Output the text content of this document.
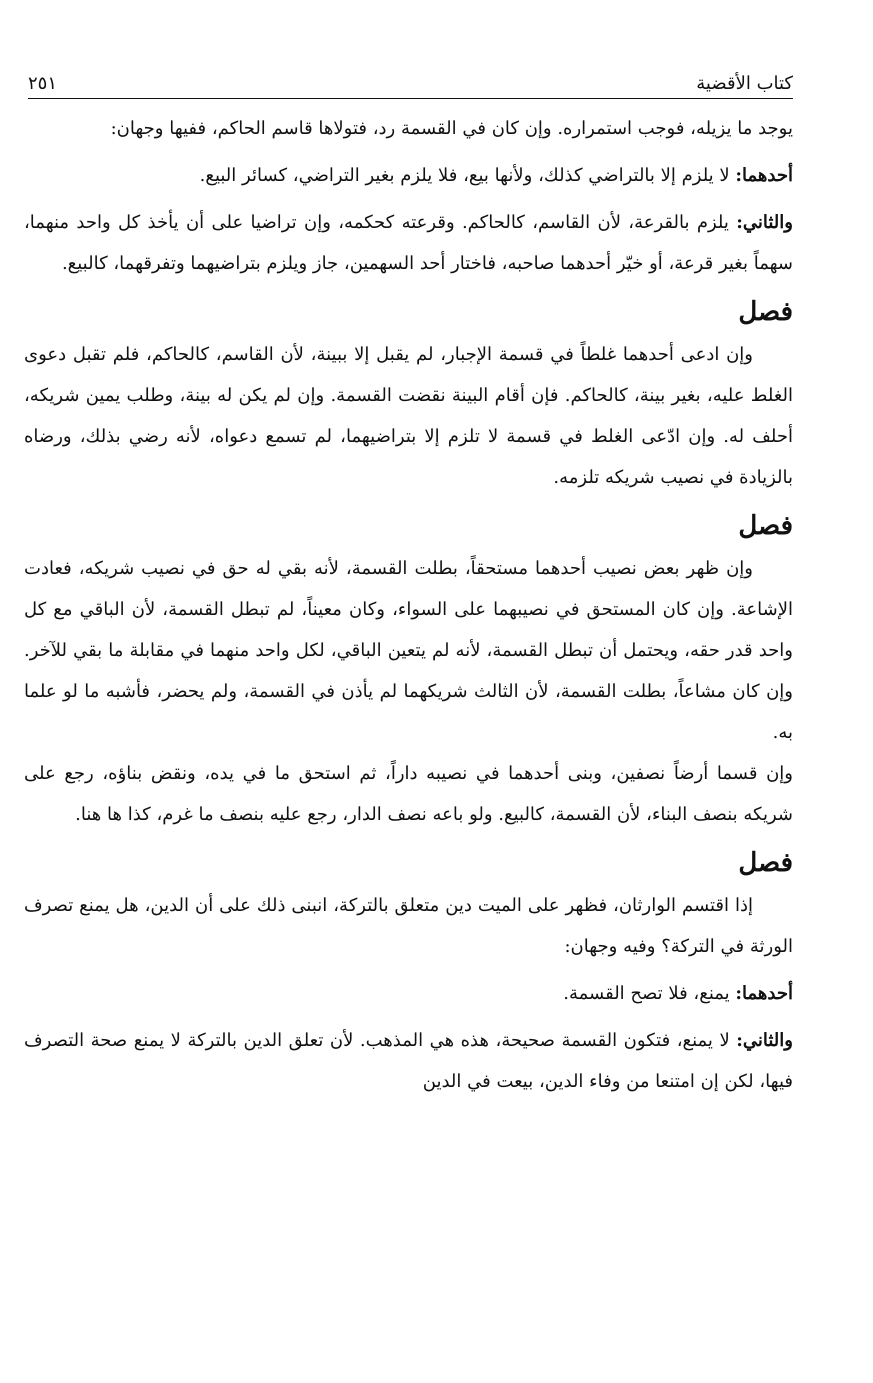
كتاب الأقضية
٢٥١

يوجد ما يزيله، فوجب استمراره. وإن كان في القسمة رد، فتولاها قاسم الحاكم، ففيها وجهان:

أحدهما: لا يلزم إلا بالتراضي كذلك، ولأنها بيع، فلا يلزم بغير التراضي، كسائر البيع.

والثاني: يلزم بالقرعة، لأن القاسم، كالحاكم. وقرعته كحكمه، وإن تراضيا على أن يأخذ كل واحد منهما، سهماً بغير قرعة، أو خيّر أحدهما صاحبه، فاختار أحد السهمين، جاز ويلزم بتراضيهما وتفرقهما، كالبيع.

فصل

وإن ادعى أحدهما غلطاً في قسمة الإجبار، لم يقبل إلا ببينة، لأن القاسم، كالحاكم، فلم تقبل دعوى الغلط عليه، بغير بينة، كالحاكم. فإن أقام البينة نقضت القسمة. وإن لم يكن له بينة، وطلب يمين شريكه، أحلف له. وإن ادّعى الغلط في قسمة لا تلزم إلا بتراضيهما، لم تسمع دعواه، لأنه رضي بذلك، ورضاه بالزيادة في نصيب شريكه تلزمه.

فصل

وإن ظهر بعض نصيب أحدهما مستحقاً، بطلت القسمة، لأنه بقي له حق في نصيب شريكه، فعادت الإشاعة. وإن كان المستحق في نصيبهما على السواء، وكان معيناً، لم تبطل القسمة، لأن الباقي مع كل واحد قدر حقه، ويحتمل أن تبطل القسمة، لأنه لم يتعين الباقي، لكل واحد منهما في مقابلة ما بقي للآخر. وإن كان مشاعاً، بطلت القسمة، لأن الثالث شريكهما لم يأذن في القسمة، ولم يحضر، فأشبه ما لو علما به.

وإن قسما أرضاً نصفين، وبنى أحدهما في نصيبه داراً، ثم استحق ما في يده، ونقض بناؤه، رجع على شريكه بنصف البناء، لأن القسمة، كالبيع. ولو باعه نصف الدار، رجع عليه بنصف ما غرم، كذا ها هنا.

فصل

إذا اقتسم الوارثان، فظهر على الميت دين متعلق بالتركة، انبنى ذلك على أن الدين، هل يمنع تصرف الورثة في التركة؟ وفيه وجهان:

أحدهما: يمنع، فلا تصح القسمة.

والثاني: لا يمنع، فتكون القسمة صحيحة، هذه هي المذهب. لأن تعلق الدين بالتركة لا يمنع صحة التصرف فيها، لكن إن امتنعا من وفاء الدين، بيعت في الدين
